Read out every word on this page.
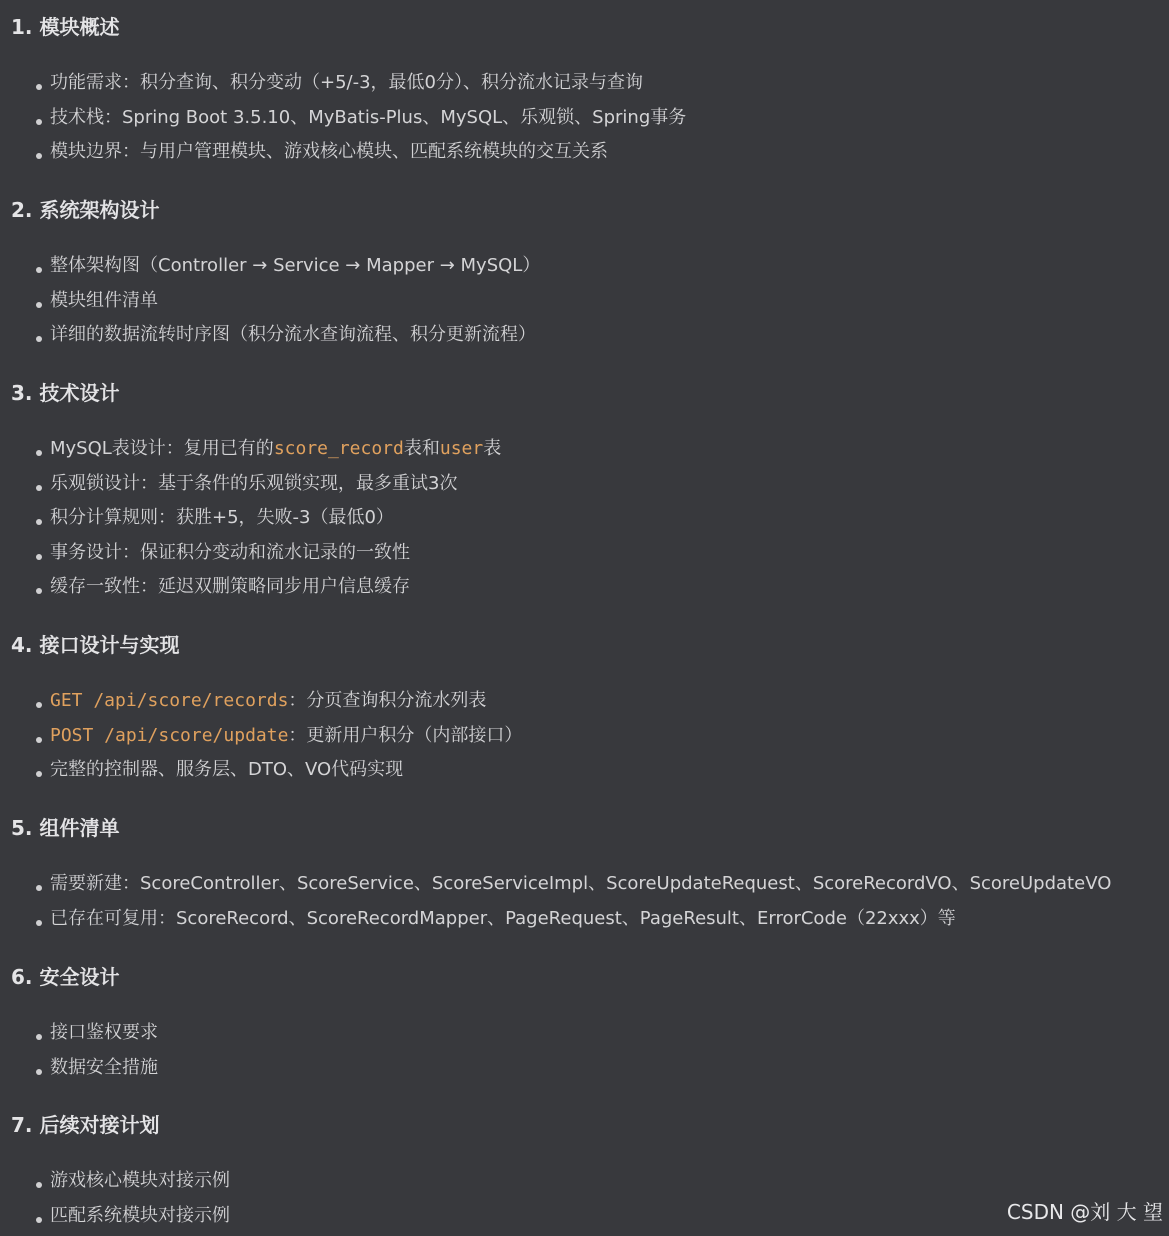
1. 模块概述
功能需求：积分查询、积分变动（+5/-3，最低0分）、积分流水记录与查询
技术栈：Spring Boot 3.5.10、MyBatis-Plus、MySQL、乐观锁、Spring事务
模块边界：与用户管理模块、游戏核心模块、匹配系统模块的交互关系
2. 系统架构设计
整体架构图（Controller → Service → Mapper → MySQL）
模块组件清单
详细的数据流转时序图（积分流水查询流程、积分更新流程）
3. 技术设计
MySQL表设计：复用已有的score_record表和user表
乐观锁设计：基于条件的乐观锁实现，最多重试3次
积分计算规则：获胜+5，失败-3（最低0）
事务设计：保证积分变动和流水记录的一致性
缓存一致性：延迟双删策略同步用户信息缓存
4. 接口设计与实现
GET /api/score/records：分页查询积分流水列表
POST /api/score/update：更新用户积分（内部接口）
完整的控制器、服务层、DTO、VO代码实现
5. 组件清单
需要新建：ScoreController、ScoreService、ScoreServiceImpl、ScoreUpdateRequest、ScoreRecordVO、ScoreUpdateVO
已存在可复用：ScoreRecord、ScoreRecordMapper、PageRequest、PageResult、ErrorCode（22xxx）等
6. 安全设计
接口鉴权要求
数据安全措施
7. 后续对接计划
游戏核心模块对接示例
匹配系统模块对接示例	CSDN @刘 大 望
